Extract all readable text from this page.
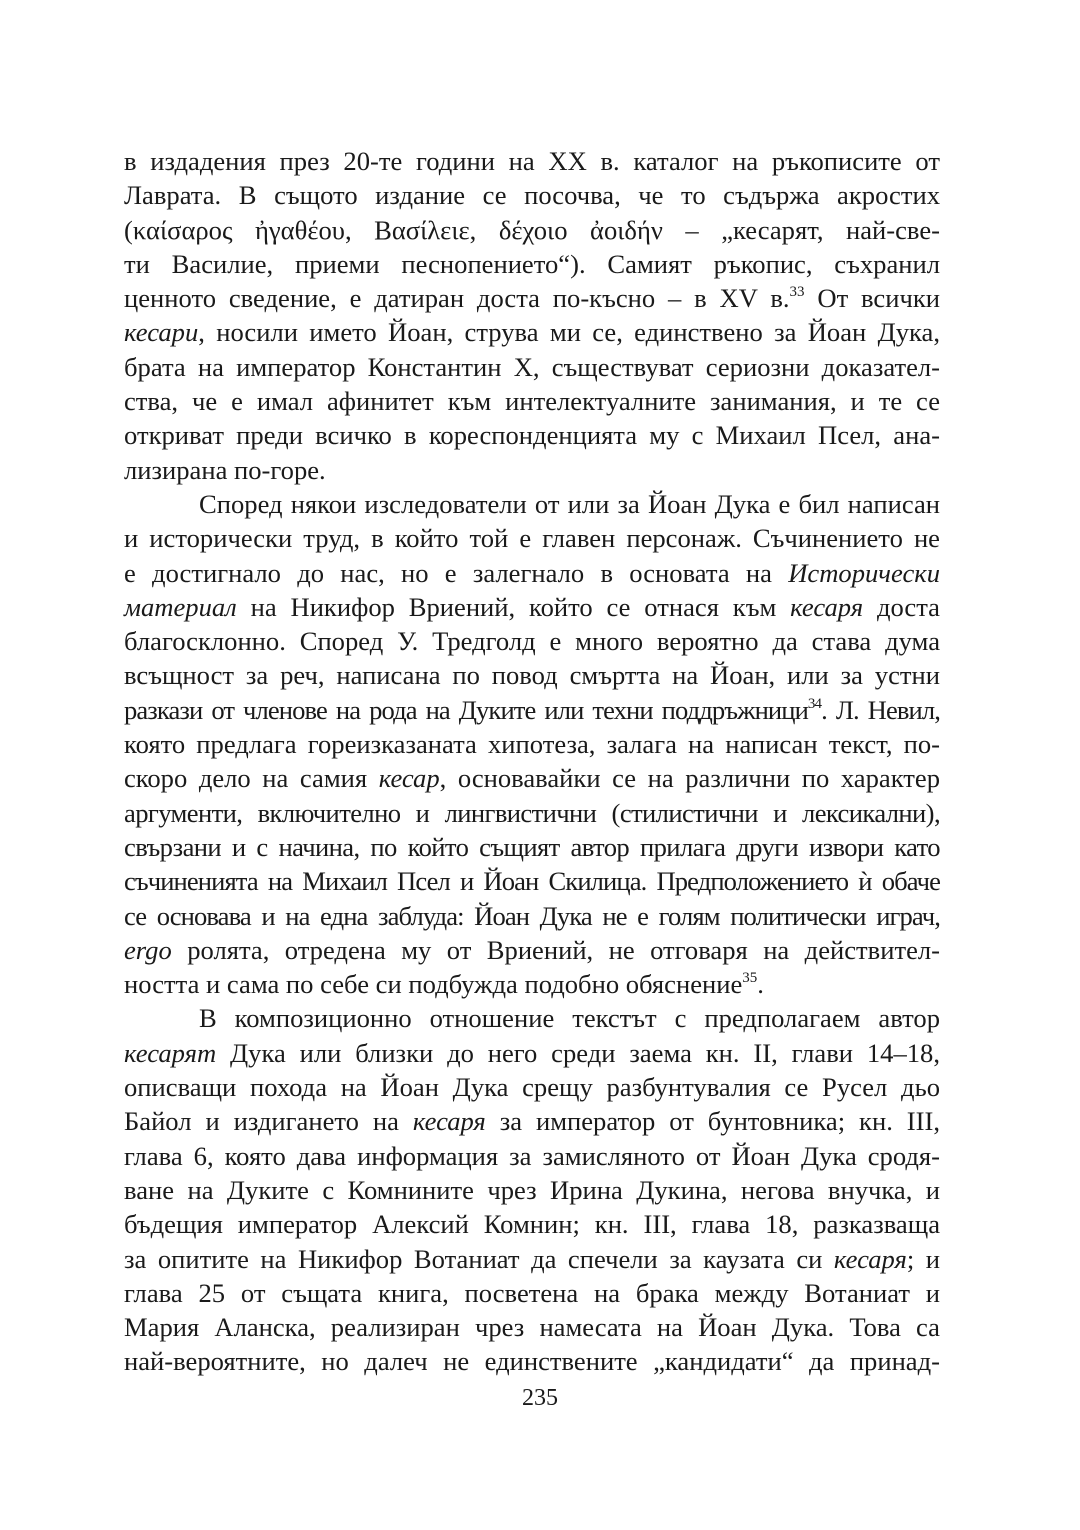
в издадения през 20-те години на XX в. каталог на ръкописите от
Лаврата. В същото издание се посочва, че то съдържа акростих
(καίσαρος ἠγαθέου, Βασίλειε, δέχοιο ἀοιδήν – „кесарят, най-све-
ти Василие, приеми песнопението“). Самият ръкопис, съхранил
ценното сведение, е датиран доста по-късно – в XV в.$^{33}$ От всички
кесари, носили името Йоан, струва ми се, единствено за Йоан Дука,
брата на император Константин X, съществуват сериозни доказател-
ства, че е имал афинитет към интелектуалните занимания, и те се
откриват преди всичко в кореспонденцията му с Михаил Псел, ана-
лизирана по-горе.
Според някои изследователи от или за Йоан Дука е бил написан
и исторически труд, в който той е главен персонаж. Съчинението не
е достигнало до нас, но е залегнало в основата на Исторически
материал на Никифор Вриений, който се отнася към кесаря доста
благосклонно. Според У. Тредголд е много вероятно да става дума
всъщност за реч, написана по повод смъртта на Йоан, или за устни
разкази от членове на рода на Дуките или техни поддръжници$^{34}$. Л. Невил,
която предлага гореизказаната хипотеза, залага на написан текст, по-
скоро дело на самия кесар, основавайки се на различни по характер
аргументи, включително и лингвистични (стилистични и лексикални),
свързани и с начина, по който същият автор прилага други извори като
съчиненията на Михаил Псел и Йоан Скилица. Предположението ѝ обаче
се основава и на една заблуда: Йоан Дука не е голям политически играч,
ergo ролята, отредена му от Вриений, не отговаря на действител-
ността и сама по себе си подбужда подобно обяснение$^{35}$.
В композиционно отношение текстът с предполагаем автор
кесарят Дука или близки до него среди заема кн. II, глави 14–18,
описващи похода на Йоан Дука срещу разбунтувалия се Русел дьо
Байол и издигането на кесаря за император от бунтовника; кн. III,
глава 6, която дава информация за замисляното от Йоан Дука сродя-
ване на Дуките с Комнините чрез Ирина Дукина, негова внучка, и
бъдещия император Алексий Комнин; кн. III, глава 18, разказваща
за опитите на Никифор Вотаниат да спечели за каузата си кесаря; и
глава 25 от същата книга, посветена на брака между Вотаниат и
Мария Аланска, реализиран чрез намесата на Йоан Дука. Това са
най-вероятните, но далеч не единствените „кандидати“ да принад-
235
